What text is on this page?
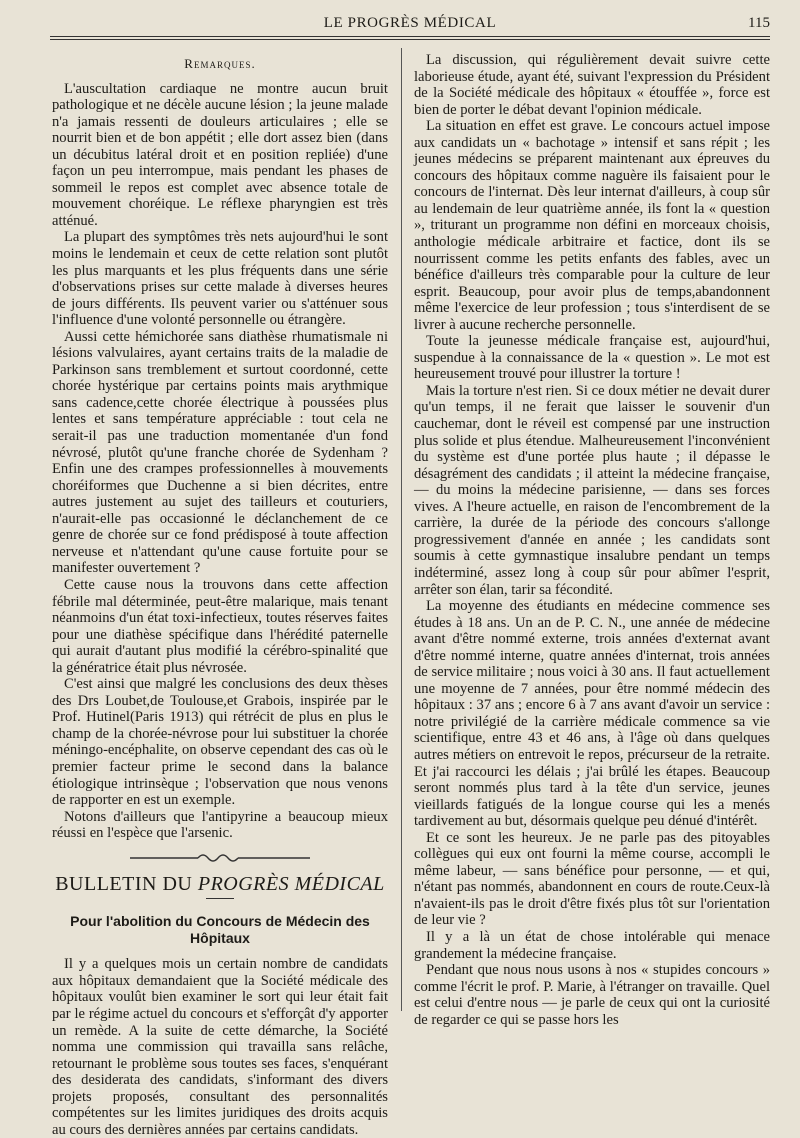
LE PROGRÈS MÉDICAL	115
Remarques.

L'auscultation cardiaque ne montre aucun bruit pathologique et ne décèle aucune lésion ; la jeune malade n'a jamais ressenti de douleurs articulaires ; elle se nourrit bien et de bon appétit ; elle dort assez bien (dans un décubitus latéral droit et en position repliée) d'une façon un peu interrompue, mais pendant les phases de sommeil le repos est complet avec absence totale de mouvement choréique. Le réflexe pharyngien est très atténué.

La plupart des symptômes très nets aujourd'hui le sont moins le lendemain et ceux de cette relation sont plutôt les plus marquants et les plus fréquents dans une série d'observations prises sur cette malade à diverses heures de jours différents. Ils peuvent varier ou s'atténuer sous l'influence d'une volonté personnelle ou étrangère.

Aussi cette hémichorée sans diathèse rhumatismale ni lésions valvulaires, ayant certains traits de la maladie de Parkinson sans tremblement et surtout coordonné, cette chorée hystérique par certains points mais arythmique sans cadence,cette chorée électrique à poussées plus lentes et sans température appréciable : tout cela ne serait-il pas une traduction momentanée d'un fond névrosé, plutôt qu'une franche chorée de Sydenham ? Enfin une des crampes professionnelles à mouvements choréiformes que Duchenne a si bien décrites, entre autres justement au sujet des tailleurs et couturiers, n'aurait-elle pas occasionné le déclanchement de ce genre de chorée sur ce fond prédisposé à toute affection nerveuse et n'attendant qu'une cause fortuite pour se manifester ouvertement ?

Cette cause nous la trouvons dans cette affection fébrile mal déterminée, peut-être malarique, mais tenant néanmoins d'un état toxi-infectieux, toutes réserves faites pour une diathèse spécifique dans l'hérédité paternelle qui aurait d'autant plus modifié la cérébro-spinalité que la génératrice était plus névrosée.

C'est ainsi que malgré les conclusions des deux thèses des Drs Loubet,de Toulouse,et Grabois, inspirée par le Prof. Hutinel(Paris 1913) qui rétrécit de plus en plus le champ de la chorée-névrose pour lui substituer la chorée méningo-encéphalite, on observe cependant des cas où le premier facteur prime le second dans la balance étiologique intrinsèque ; l'observation que nous venons de rapporter en est un exemple.

Notons d'ailleurs que l'antipyrine a beaucoup mieux réussi en l'espèce que l'arsenic.

BULLETIN DU PROGRÈS MÉDICAL
Pour l'abolition du Concours de Médecin des Hôpitaux

Il y a quelques mois un certain nombre de candidats aux hôpitaux demandaient que la Société médicale des hôpitaux voulût bien examiner le sort qui leur était fait par le régime actuel du concours et s'efforçât d'y apporter un remède. A la suite de cette démarche, la Société nomma une commission qui travailla sans relâche, retournant le problème sous toutes ses faces, s'enquérant des desiderata des candidats, s'informant des divers projets proposés, consultant des personnalités compétentes sur les limites juridiques des droits acquis au cours des dernières années par certains candidats.

La discussion, qui régulièrement devait suivre cette laborieuse étude, ayant été, suivant l'expression du Président de la Société médicale des hôpitaux « étouffée », force est bien de porter le débat devant l'opinion médicale.

La situation en effet est grave. Le concours actuel impose aux candidats un « bachotage » intensif et sans répit ; les jeunes médecins se préparent maintenant aux épreuves du concours des hôpitaux comme naguère ils faisaient pour le concours de l'internat. Dès leur internat d'ailleurs, à coup sûr au lendemain de leur quatrième année, ils font la « question », triturant un programme non défini en morceaux choisis, anthologie médicale arbitraire et factice, dont ils se nourrissent comme les petits enfants des fables, avec un bénéfice d'ailleurs très comparable pour la culture de leur esprit. Beaucoup, pour avoir plus de temps,abandonnent même l'exercice de leur profession ; tous s'interdisent de se livrer à aucune recherche personnelle.

Toute la jeunesse médicale française est, aujourd'hui, suspendue à la connaissance de la « question ». Le mot est heureusement trouvé pour illustrer la torture !

Mais la torture n'est rien. Si ce doux métier ne devait durer qu'un temps, il ne ferait que laisser le souvenir d'un cauchemar, dont le réveil est compensé par une instruction plus solide et plus étendue. Malheureusement l'inconvénient du système est d'une portée plus haute ; il dépasse le désagrément des candidats ; il atteint la médecine française, — du moins la médecine parisienne, — dans ses forces vives. A l'heure actuelle, en raison de l'encombrement de la carrière, la durée de la période des concours s'allonge progressivement d'année en année ; les candidats sont soumis à cette gymnastique insalubre pendant un temps indéterminé, assez long à coup sûr pour abîmer l'esprit, arrêter son élan, tarir sa fécondité.

La moyenne des étudiants en médecine commence ses études à 18 ans. Un an de P. C. N., une année de médecine avant d'être nommé externe, trois années d'externat avant d'être nommé interne, quatre années d'internat, trois années de service militaire ; nous voici à 30 ans. Il faut actuellement une moyenne de 7 années, pour être nommé médecin des hôpitaux : 37 ans ; encore 6 à 7 ans avant d'avoir un service : notre privilégié de la carrière médicale commence sa vie scientifique, entre 43 et 46 ans, à l'âge où dans quelques autres métiers on entrevoit le repos, précurseur de la retraite. Et j'ai raccourci les délais ; j'ai brûlé les étapes. Beaucoup seront nommés plus tard à la tête d'un service, jeunes vieillards fatigués de la longue course qui les a menés tardivement au but, désormais quelque peu dénué d'intérêt.

Et ce sont les heureux. Je ne parle pas des pitoyables collègues qui eux ont fourni la même course, accompli le même labeur, — sans bénéfice pour personne, — et qui, n'étant pas nommés, abandonnent en cours de route.Ceux-là n'avaient-ils pas le droit d'être fixés plus tôt sur l'orientation de leur vie ?

Il y a là un état de chose intolérable qui menace grandement la médecine française.

Pendant que nous nous usons à nos « stupides concours » comme l'écrit le prof. P. Marie, à l'étranger on travaille. Quel est celui d'entre nous — je parle de ceux qui ont la curiosité de regarder ce qui se passe hors les
